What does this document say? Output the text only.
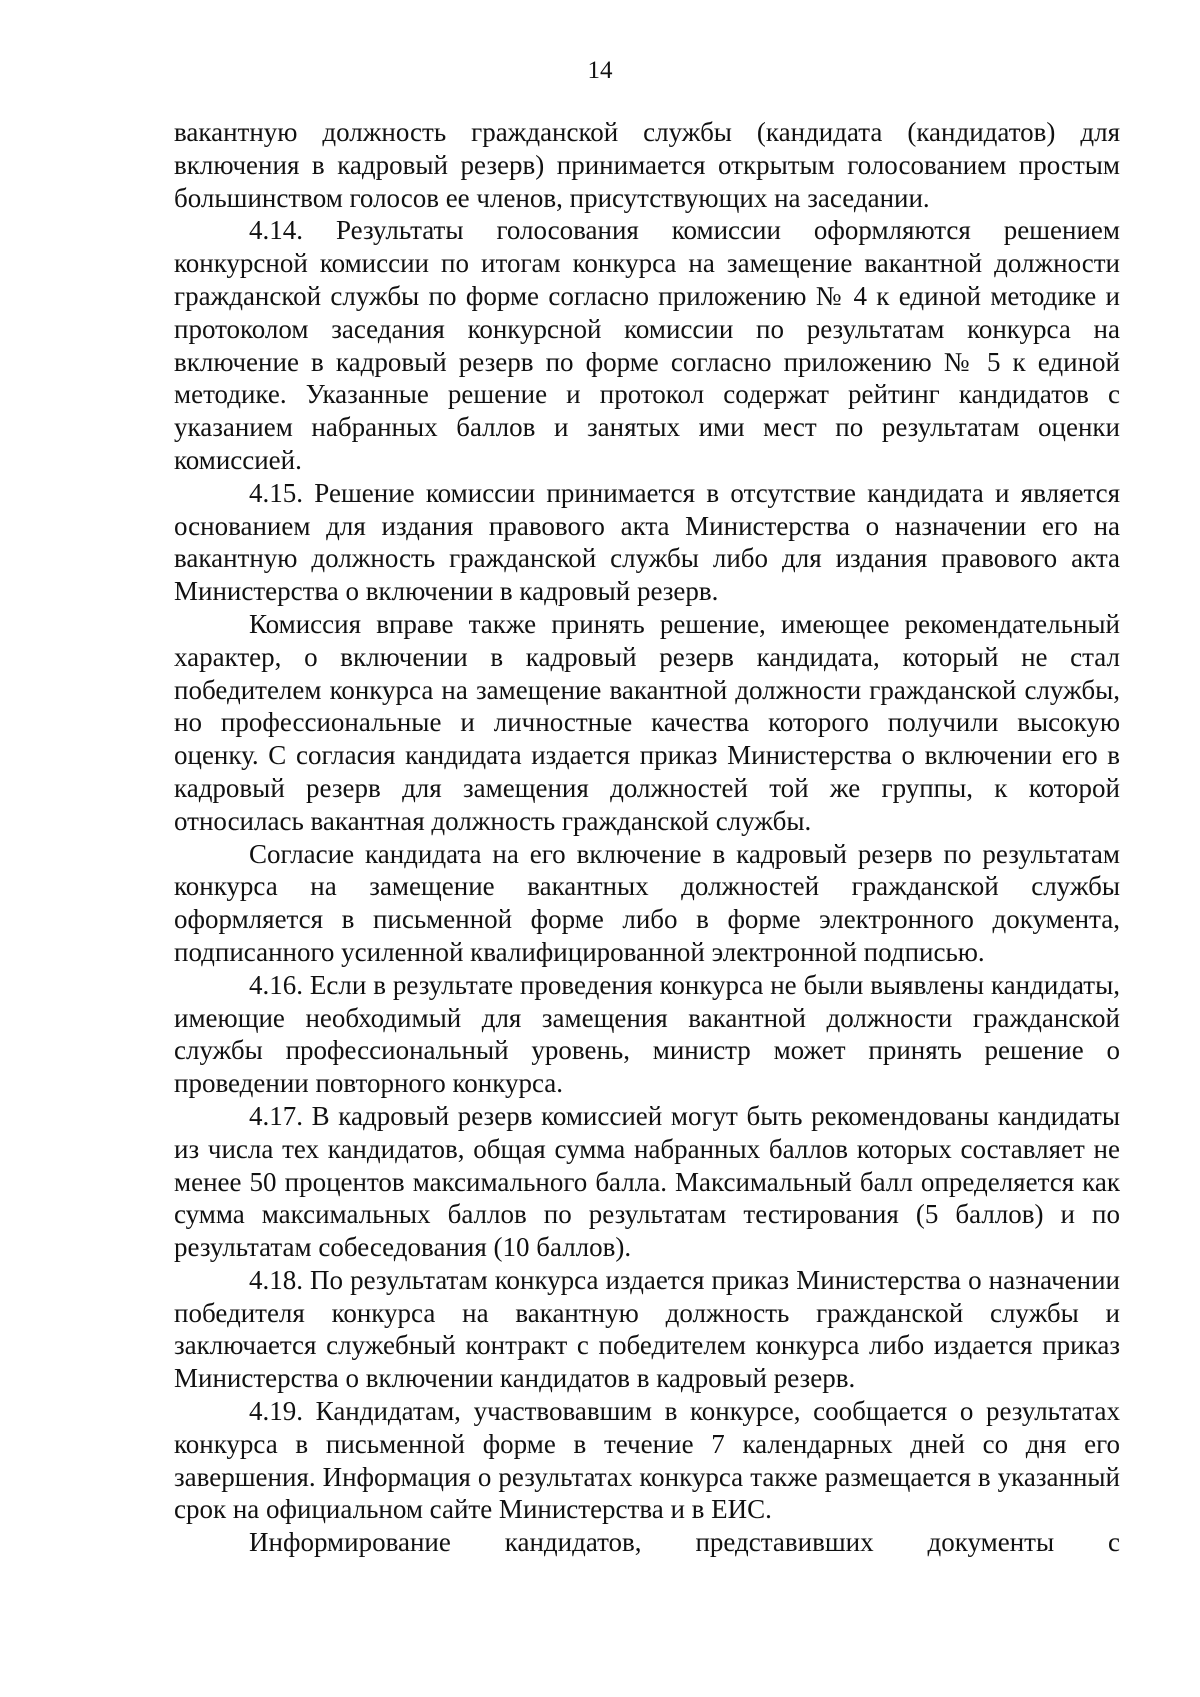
14

вакантную должность гражданской службы (кандидата (кандидатов) для включения в кадровый резерв) принимается открытым голосованием простым большинством голосов ее членов, присутствующих на заседании.

4.14. Результаты голосования комиссии оформляются решением конкурсной комиссии по итогам конкурса на замещение вакантной должности гражданской службы по форме согласно приложению № 4 к единой методике и протоколом заседания конкурсной комиссии по результатам конкурса на включение в кадровый резерв по форме согласно приложению № 5 к единой методике. Указанные решение и протокол содержат рейтинг кандидатов с указанием набранных баллов и занятых ими мест по результатам оценки комиссией.

4.15. Решение комиссии принимается в отсутствие кандидата и является основанием для издания правового акта Министерства о назначении его на вакантную должность гражданской службы либо для издания правового акта Министерства о включении в кадровый резерв.

Комиссия вправе также принять решение, имеющее рекомендательный характер, о включении в кадровый резерв кандидата, который не стал победителем конкурса на замещение вакантной должности гражданской службы, но профессиональные и личностные качества которого получили высокую оценку. С согласия кандидата издается приказ Министерства о включении его в кадровый резерв для замещения должностей той же группы, к которой относилась вакантная должность гражданской службы.

Согласие кандидата на его включение в кадровый резерв по результатам конкурса на замещение вакантных должностей гражданской службы оформляется в письменной форме либо в форме электронного документа, подписанного усиленной квалифицированной электронной подписью.

4.16. Если в результате проведения конкурса не были выявлены кандидаты, имеющие необходимый для замещения вакантной должности гражданской службы профессиональный уровень, министр может принять решение о проведении повторного конкурса.

4.17. В кадровый резерв комиссией могут быть рекомендованы кандидаты из числа тех кандидатов, общая сумма набранных баллов которых составляет не менее 50 процентов максимального балла. Максимальный балл определяется как сумма максимальных баллов по результатам тестирования (5 баллов) и по результатам собеседования (10 баллов).

4.18. По результатам конкурса издается приказ Министерства о назначении победителя конкурса на вакантную должность гражданской службы и заключается служебный контракт с победителем конкурса либо издается приказ Министерства о включении кандидатов в кадровый резерв.

4.19. Кандидатам, участвовавшим в конкурсе, сообщается о результатах конкурса в письменной форме в течение 7 календарных дней со дня его завершения. Информация о результатах конкурса также размещается в указанный срок на официальном сайте Министерства и в ЕИС.

Информирование кандидатов, представивших документы с
